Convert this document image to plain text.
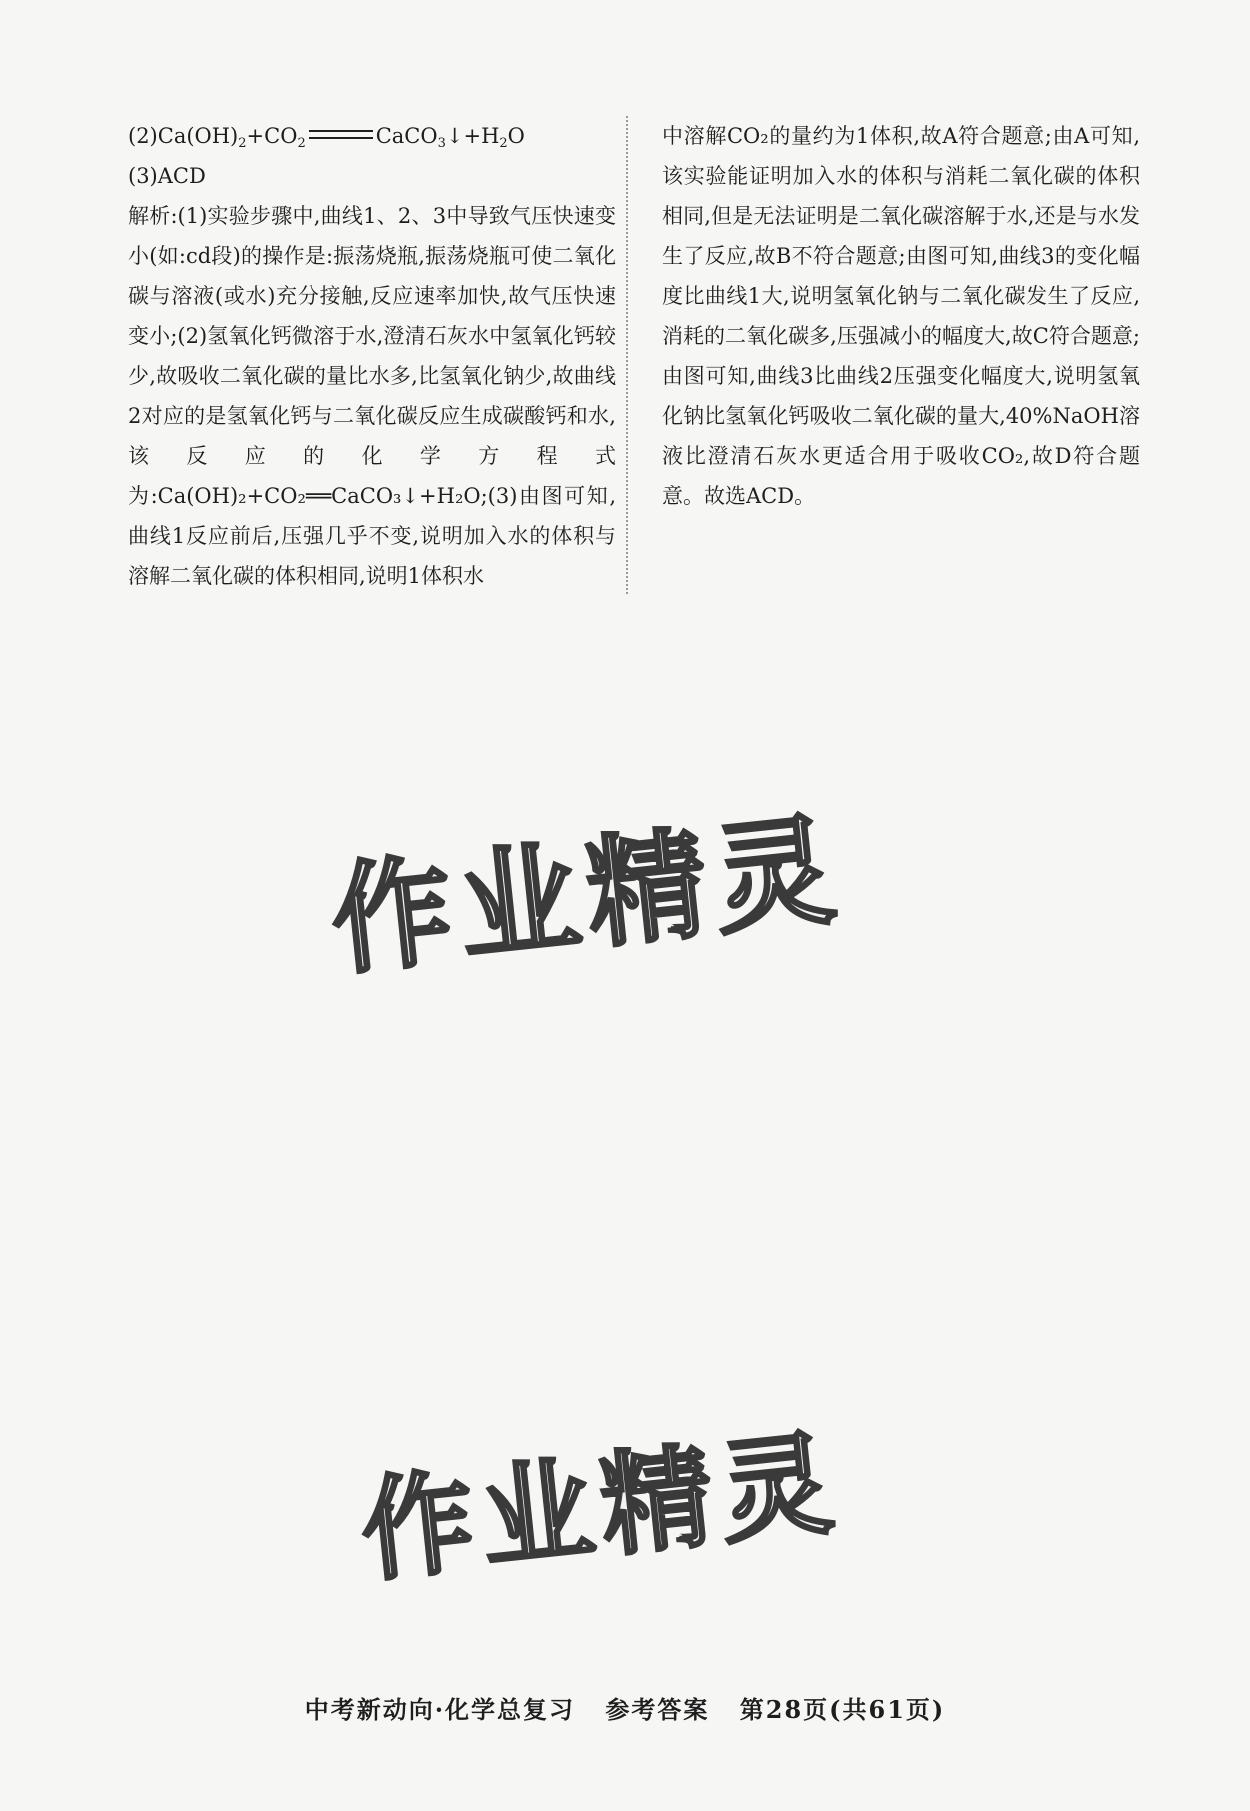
$(2)Ca(OH)_2+CO_2$	$CaCO_3↓+H_2O$

(3)ACD

解析:(1)实验步骤中,曲线1、2、3中导致气压快速变小(如:cd段)的操作是:振荡烧瓶,振荡烧瓶可使二氧化碳与溶液(或水)充分接触,反应速率加快,故气压快速变小;(2)氢氧化钙微溶于水,澄清石灰水中氢氧化钙较少,故吸收二氧化碳的量比水多,比氢氧化钠少,故曲线2对应的是氢氧化钙与二氧化碳反应生成碳酸钙和水,该反应的化学方程式为:Ca(OH)₂+CO₂══CaCO₃↓+H₂O;(3)由图可知,曲线1反应前后,压强几乎不变,说明加入水的体积与溶解二氧化碳的体积相同,说明1体积水

中溶解CO₂的量约为1体积,故A符合题意;由A可知,该实验能证明加入水的体积与消耗二氧化碳的体积相同,但是无法证明是二氧化碳溶解于水,还是与水发生了反应,故B不符合题意;由图可知,曲线3的变化幅度比曲线1大,说明氢氧化钠与二氧化碳发生了反应,消耗的二氧化碳多,压强减小的幅度大,故C符合题意;由图可知,曲线3比曲线2压强变化幅度大,说明氢氧化钠比氢氧化钙吸收二氧化碳的量大,40%NaOH溶液比澄清石灰水更适合用于吸收CO₂,故D符合题意。故选ACD。

作业精灵
作业精灵
中考新动向·化学总复习 参考答案 第28页(共61页)
